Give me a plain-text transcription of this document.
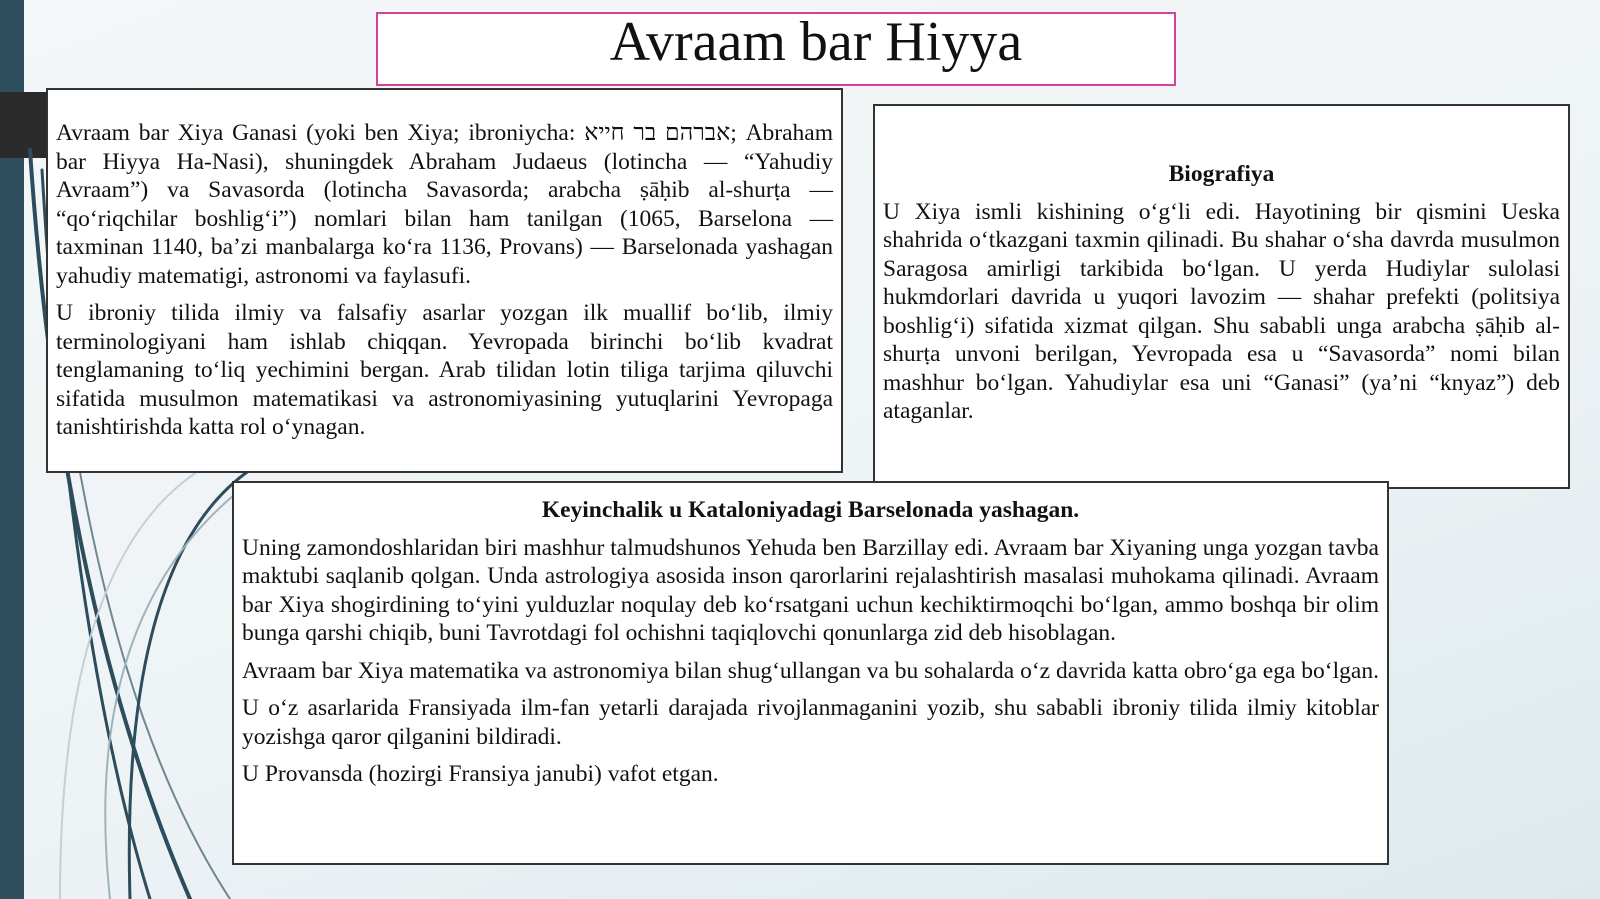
Avraam bar Hiyya

Avraam bar Xiya Ganasi (yoki ben Xiya; ibroniycha: אברהם בר חייא; Abraham bar Hiyya Ha-Nasi), shuningdek Abraham Judaeus (lotincha — “Yahudiy Avraam”) va Savasorda (lotincha Savasorda; arabcha ṣāḥib al-shurṭa — “qo‘riqchilar boshlig‘i”) nomlari bilan ham tanilgan (1065, Barselona — taxminan 1140, ba’zi manbalarga ko‘ra 1136, Provans) — Barselonada yashagan yahudiy matematigi, astronomi va faylasufi.

U ibroniy tilida ilmiy va falsafiy asarlar yozgan ilk muallif bo‘lib, ilmiy terminologiyani ham ishlab chiqqan. Yevropada birinchi bo‘lib kvadrat tenglamaning to‘liq yechimini bergan. Arab tilidan lotin tiliga tarjima qiluvchi sifatida musulmon matematikasi va astronomiyasining yutuqlarini Yevropaga tanishtirishda katta rol o‘ynagan.

Biografiya

U Xiya ismli kishining o‘g‘li edi. Hayotining bir qismini Ueska shahrida o‘tkazgani taxmin qilinadi. Bu shahar o‘sha davrda musulmon Saragosa amirligi tarkibida bo‘lgan. U yerda Hudiylar sulolasi hukmdorlari davrida u yuqori lavozim — shahar prefekti (politsiya boshlig‘i) sifatida xizmat qilgan. Shu sababli unga arabcha ṣāḥib al-shurṭa unvoni berilgan, Yevropada esa u “Savasorda” nomi bilan mashhur bo‘lgan. Yahudiylar esa uni “Ganasi” (ya’ni “knyaz”) deb ataganlar.

Keyinchalik u Kataloniyadagi Barselonada yashagan.

Uning zamondoshlaridan biri mashhur talmudshunos Yehuda ben Barzillay edi. Avraam bar Xiyaning unga yozgan tavba maktubi saqlanib qolgan. Unda astrologiya asosida inson qarorlarini rejalashtirish masalasi muhokama qilinadi. Avraam bar Xiya shogirdining to‘yini yulduzlar noqulay deb ko‘rsatgani uchun kechiktirmoqchi bo‘lgan, ammo boshqa bir olim bunga qarshi chiqib, buni Tavrotdagi fol ochishni taqiqlovchi qonunlarga zid deb hisoblagan.

Avraam bar Xiya matematika va astronomiya bilan shug‘ullangan va bu sohalarda o‘z davrida katta obro‘ga ega bo‘lgan.

U o‘z asarlarida Fransiyada ilm-fan yetarli darajada rivojlanmaganini yozib, shu sababli ibroniy tilida ilmiy kitoblar yozishga qaror qilganini bildiradi.

U Provansda (hozirgi Fransiya janubi) vafot etgan.
